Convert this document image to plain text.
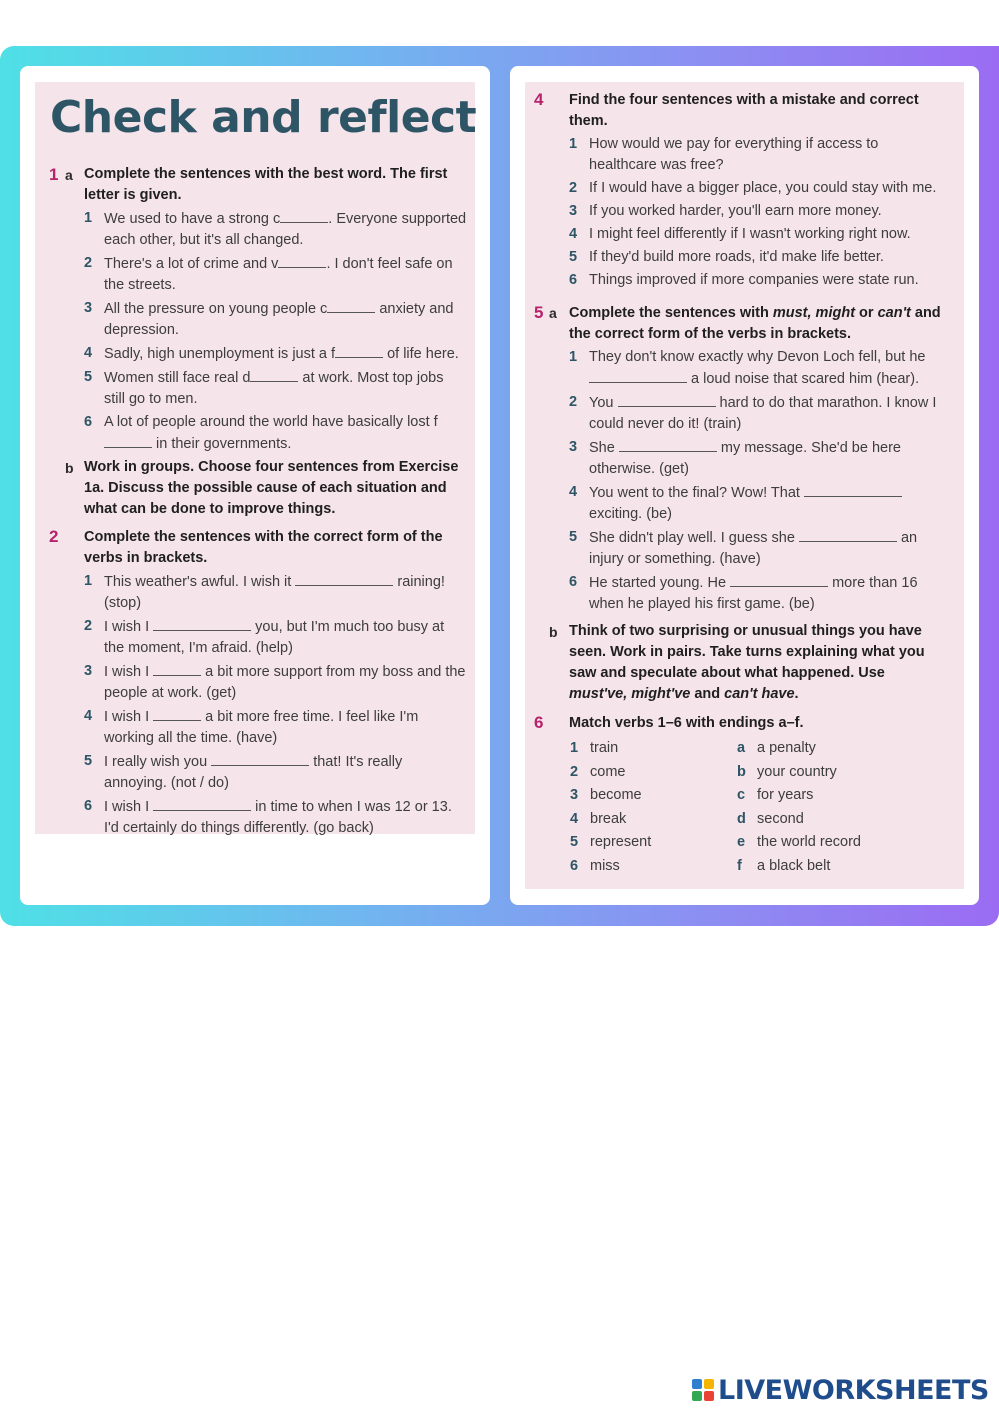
Check and reflect
1 a Complete the sentences with the best word. The first letter is given.
1 We used to have a strong c	. Everyone supported each other, but it's all changed.
2 There's a lot of crime and v	. I don't feel safe on the streets.
3 All the pressure on young people c	anxiety and depression.
4 Sadly, high unemployment is just a f	of life here.
5 Women still face real d	at work. Most top jobs still go to men.
6 A lot of people around the world have basically lost f in their governments.
b Work in groups. Choose four sentences from Exercise 1a. Discuss the possible cause of each situation and what can be done to improve things.
2 Complete the sentences with the correct form of the verbs in brackets.
1 This weather's awful. I wish it	raining! (stop)
2 I wish I	you, but I'm much too busy at the moment, I'm afraid. (help)
3 I wish I	a bit more support from my boss and the people at work. (get)
4 I wish I	a bit more free time. I feel like I'm working all the time. (have)
5 I really wish you	that! It's really annoying. (not / do)
6 I wish I	in time to when I was 12 or 13. I'd certainly do things differently. (go back)
4 Find the four sentences with a mistake and correct them.
1 How would we pay for everything if access to healthcare was free?
2 If I would have a bigger place, you could stay with me.
3 If you worked harder, you'll earn more money.
4 I might feel differently if I wasn't working right now.
5 If they'd build more roads, it'd make life better.
6 Things improved if more companies were state run.
5 a Complete the sentences with must, might or can't and the correct form of the verbs in brackets.
1 They don't know exactly why Devon Loch fell, but he  a loud noise that scared him (hear).
2 You	hard to do that marathon. I know I could never do it! (train)
3 She	my message. She'd be here otherwise. (get)
4 You went to the final? Wow! That  exciting. (be)
5 She didn't play well. I guess she	an injury or something. (have)
6 He started young. He	more than 16 when he played his first game. (be)
b Think of two surprising or unusual things you have seen. Work in pairs. Take turns explaining what you saw and speculate about what happened. Use must've, might've and can't have.
6 Match verbs 1–6 with endings a–f.
1 train	a a penalty
2 come	b your country
3 become	c for years
4 break	d second
5 represent	e the world record
6 miss	f a black belt
LIVEWORKSHEETS
